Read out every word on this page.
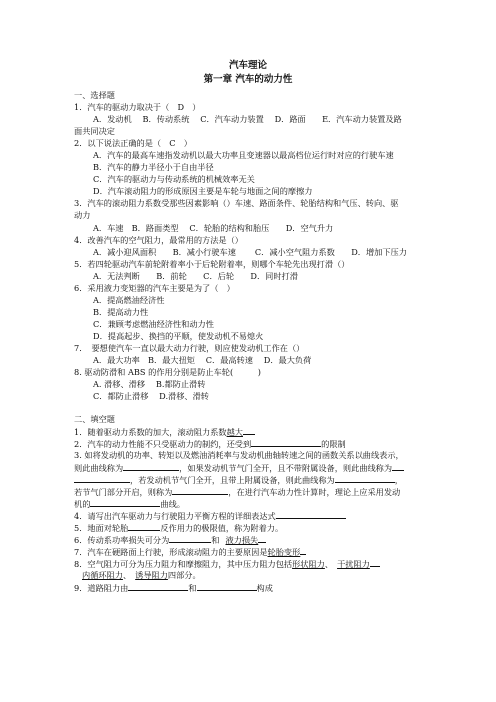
汽车理论
第一章 汽车的动力性
一、选择题
1．汽车的驱动力取决于（　D　）
A．发动机　 B．传动系统　 C．汽车动力装置　 D．路面　　E．汽车动力装置及路
面共同决定
2．以下说法正确的是（　C　）
A．汽车的最高车速指发动机以最大功率且变速器以最高档位运行时对应的行驶车速
B．汽车的静力半径小于自由半径
C．汽车的驱动力与传动系统的机械效率无关
D．汽车滚动阻力的形成原因主要是车轮与地面之间的摩擦力
3．汽车的滚动阻力系数受那些因素影响（）车速、路面条件、轮胎结构和气压、转向、驱
动力
A．车速　B．路面类型　 C．轮胎的结构和胎压　　D．空气升力
4．改善汽车的空气阻力，最常用的方法是（）
A．减小迎风面积　　B．减小行驶车速　　 C．减小空气阻力系数　　D．增加下压力
5．若四轮驱动汽车前轮附着率小于后轮附着率，则哪个车轮先出现打滑（）
A．无法判断　　B．前轮　　C．后轮　　D．同时打滑
6．采用液力变矩器的汽车主要是为了（　）
A．提高燃油经济性
B．提高动力性
C．兼顾考虑燃油经济性和动力性
D．提高起步、换挡的平顺，使发动机不易熄火
7．　要想使汽车一直以最大动力行驶，则应使发动机工作在（）
A．最大功率　B．最大扭矩　 C．最高转速　 D．最大负荷
8. 驱动防滑和 ABS 的作用分别是防止车轮(　　　)
A. 滑移、滑移　 B.都防止滑转
C．都防止滑移　 D.滑移、滑转
二、填空题
1．随着驱动力系数的加大，滚动阻力系数越大
2．汽车的动力性能不只受驱动力的制约，还受到	的限制
3. 如将发动机的功率、转矩以及燃油消耗率与发动机曲轴转速之间的函数关系以曲线表示，
则此曲线称为	，如果发动机节气门全开，且不带附属设备，则此曲线称为
，若发动机节气门全开，且带上附属设备，则此曲线称为	，
若节气门部分开启，则称为	，在进行汽车动力性计算时，理论上应采用发动
机的	曲线。
4．请写出汽车驱动力与行驶阻力平衡方程的详细表达式
5．地面对轮胎	反作用力的极限值，称为附着力。
6．传动系功率损失可分为	和 液力损失
7．汽车在硬路面上行驶，形成滚动阻力的主要原因是轮胎变形
8．空气阻力可分为压力阻力和摩擦阻力，其中压力阻力包括形状阻力、 干扰阻力
内循环阻力、 诱导阻力四部分。
9．道路阻力由	和	构成
